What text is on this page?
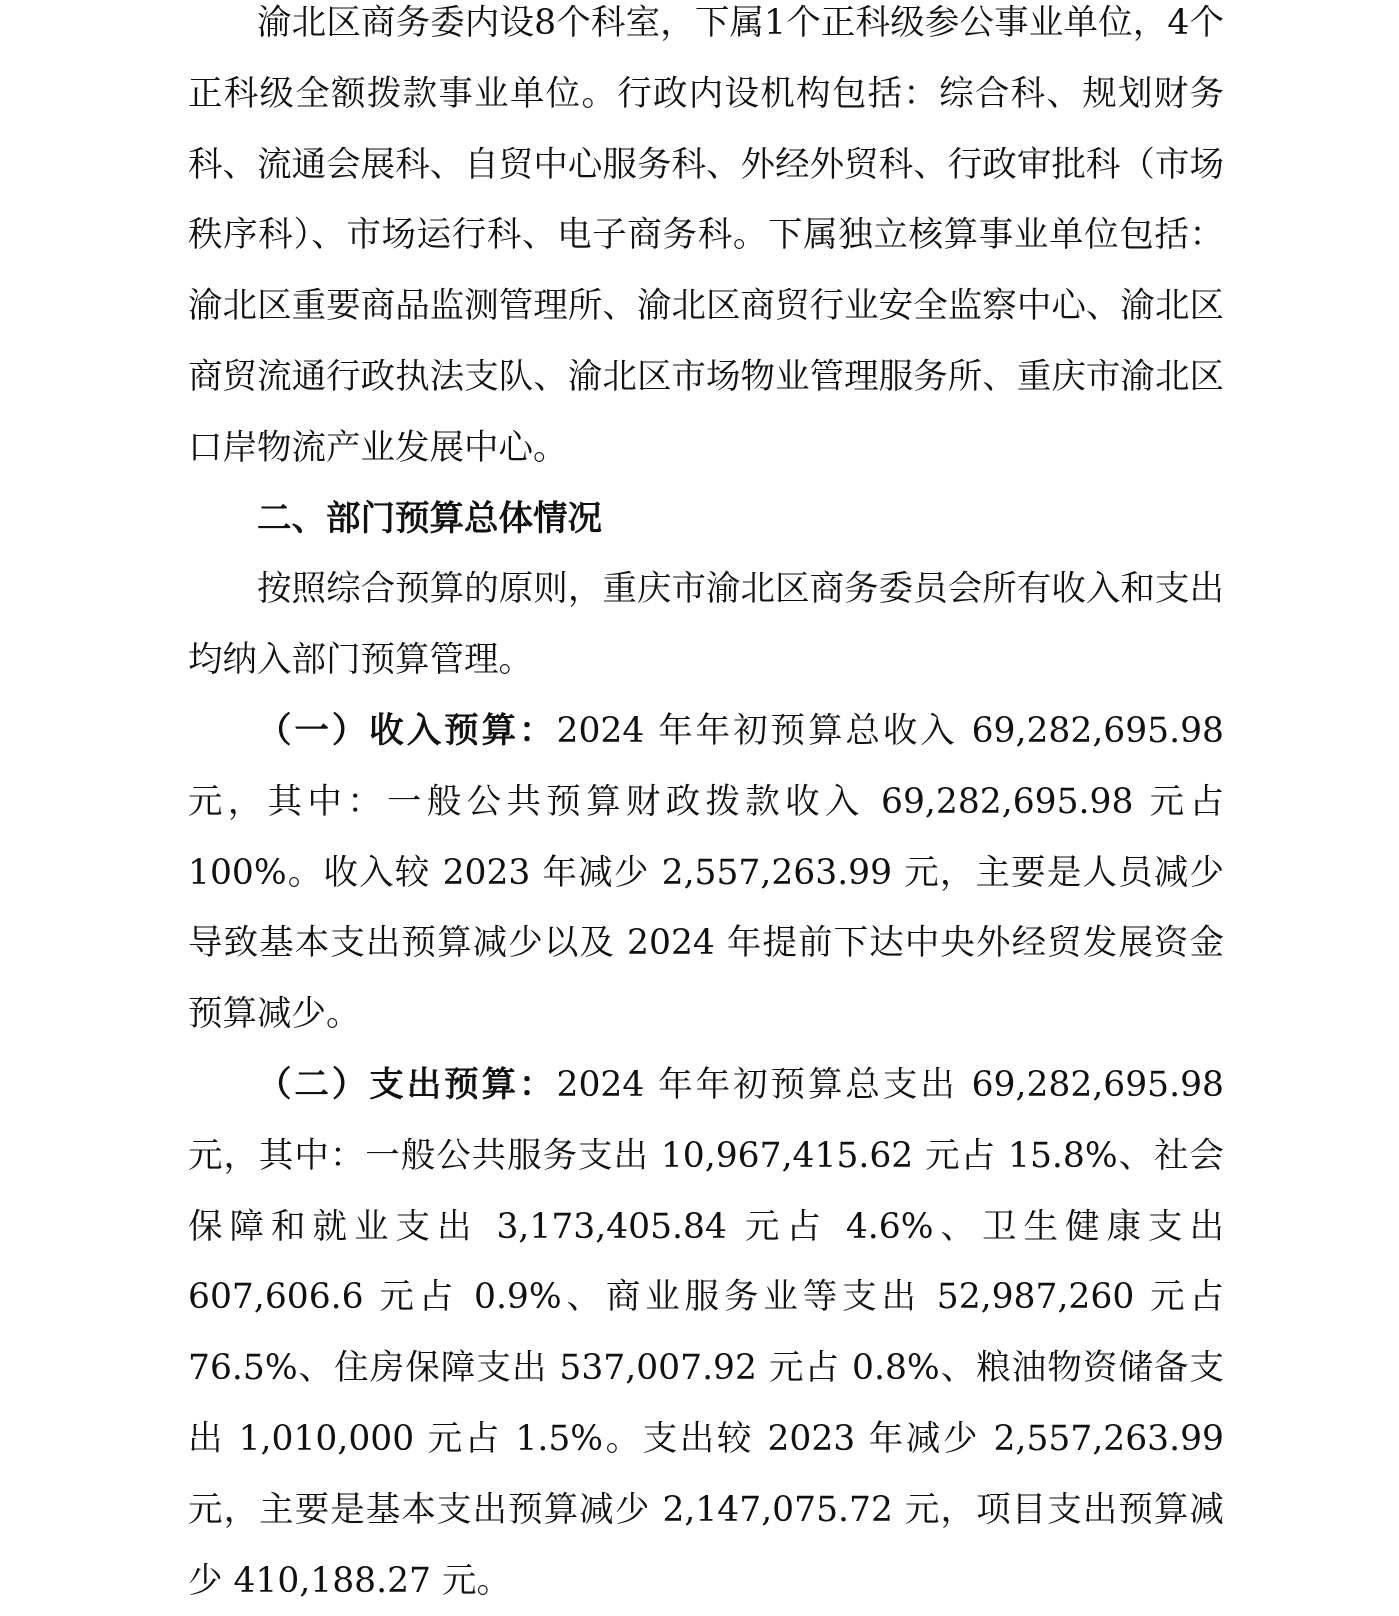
渝北区商务委内设8个科室，下属1个正科级参公事业单位，4个正科级全额拨款事业单位。行政内设机构包括：综合科、规划财务科、流通会展科、自贸中心服务科、外经外贸科、行政审批科（市场秩序科）、市场运行科、电子商务科。下属独立核算事业单位包括：渝北区重要商品监测管理所、渝北区商贸行业安全监察中心、渝北区商贸流通行政执法支队、渝北区市场物业管理服务所、重庆市渝北区口岸物流产业发展中心。

二、部门预算总体情况

按照综合预算的原则，重庆市渝北区商务委员会所有收入和支出均纳入部门预算管理。

（一）收入预算：2024 年年初预算总收入 69,282,695.98 元，其中：一般公共预算财政拨款收入 69,282,695.98 元占 100%。收入较 2023 年减少 2,557,263.99 元，主要是人员减少导致基本支出预算减少以及 2024 年提前下达中央外经贸发展资金预算减少。

（二）支出预算：2024 年年初预算总支出 69,282,695.98 元，其中：一般公共服务支出 10,967,415.62 元占 15.8%、社会保障和就业支出 3,173,405.84 元占 4.6%、卫生健康支出 607,606.6 元占 0.9%、商业服务业等支出 52,987,260 元占 76.5%、住房保障支出 537,007.92 元占 0.8%、粮油物资储备支出 1,010,000 元占 1.5%。支出较 2023 年减少 2,557,263.99 元，主要是基本支出预算减少 2,147,075.72 元，项目支出预算减少 410,188.27 元。
